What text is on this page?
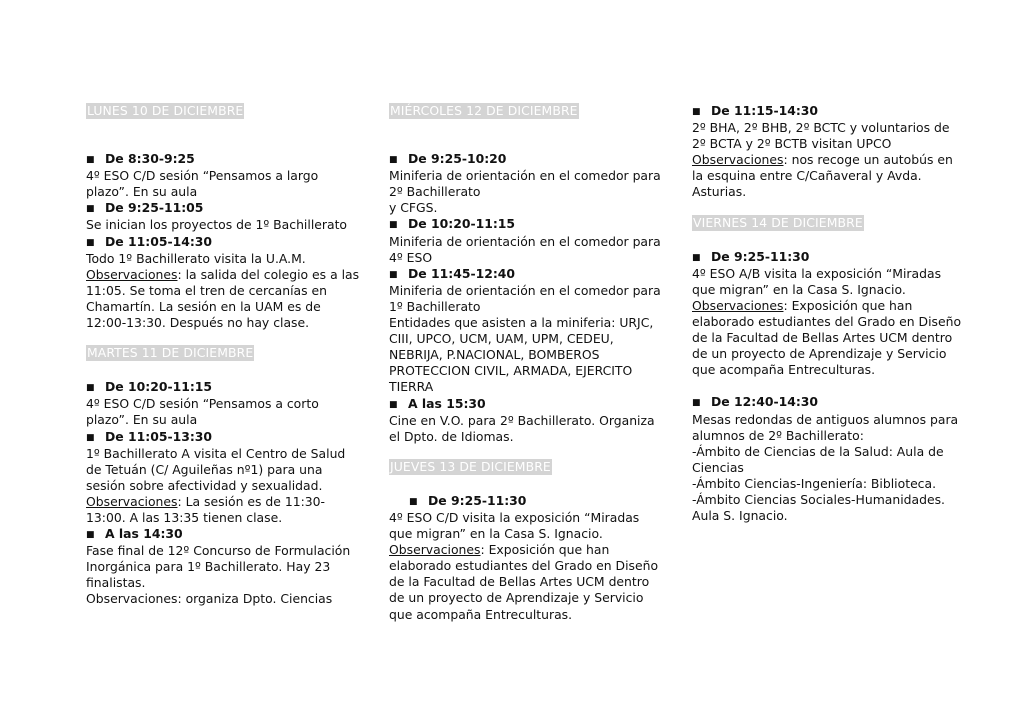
LUNES 10 DE DICIEMBRE
■ De 8:30-9:25

4º ESO C/D sesión “Pensamos a largo
plazo”. En su aula

■ De 9:25-11:05

Se inician los proyectos de 1º Bachillerato

■ De 11:05-14:30

Todo 1º Bachillerato visita la U.A.M.

Observaciones: la salida del colegio es a las
11:05. Se toma el tren de cercanías en
Chamartín. La sesión en la UAM es de
12:00-13:30. Después no hay clase.

MARTES 11 DE DICIEMBRE
■ De 10:20-11:15

4º ESO C/D sesión “Pensamos a corto
plazo”. En su aula

■ De 11:05-13:30

1º Bachillerato A visita el Centro de Salud
de Tetuán (C/ Aguileñas nº1) para una
sesión sobre afectividad y sexualidad.

Observaciones: La sesión es de 11:30-
13:00. A las 13:35 tienen clase.

■ A las 14:30

Fase final de 12º Concurso de Formulación
Inorgánica para 1º Bachillerato. Hay 23
finalistas.
Observaciones: organiza Dpto. Ciencias

MIÉRCOLES 12 DE DICIEMBRE
■ De 9:25-10:20

Miniferia de orientación en el comedor para
2º Bachillerato
y CFGS.

■ De 10:20-11:15

Miniferia de orientación en el comedor para
4º ESO

■ De 11:45-12:40

Miniferia de orientación en el comedor para
1º Bachillerato
Entidades que asisten a la miniferia: URJC,
CIII, UPCO, UCM, UAM, UPM, CEDEU,
NEBRIJA, P.NACIONAL, BOMBEROS
PROTECCION CIVIL, ARMADA, EJERCITO
TIERRA

■ A las 15:30

Cine en V.O. para 2º Bachillerato. Organiza
el Dpto. de Idiomas.

JUEVES 13 DE DICIEMBRE
■ De 9:25-11:30

4º ESO C/D visita la exposición “Miradas
que migran” en la Casa S. Ignacio.

Observaciones: Exposición que han
elaborado estudiantes del Grado en Diseño
de la Facultad de Bellas Artes UCM dentro
de un proyecto de Aprendizaje y Servicio
que acompaña Entreculturas.

■ De 11:15-14:30

2º BHA, 2º BHB, 2º BCTC y voluntarios de
2º BCTA y 2º BCTB visitan UPCO

Observaciones: nos recoge un autobús en
la esquina entre C/Cañaveral y Avda.
Asturias.

VIERNES 14 DE DICIEMBRE
■ De 9:25-11:30

4º ESO A/B visita la exposición “Miradas
que migran” en la Casa S. Ignacio.

Observaciones: Exposición que han
elaborado estudiantes del Grado en Diseño
de la Facultad de Bellas Artes UCM dentro
de un proyecto de Aprendizaje y Servicio
que acompaña Entreculturas.

■ De 12:40-14:30

Mesas redondas de antiguos alumnos para
alumnos de 2º Bachillerato:
-Ámbito de Ciencias de la Salud: Aula de
Ciencias
-Ámbito Ciencias-Ingeniería: Biblioteca.
-Ámbito Ciencias Sociales-Humanidades.
Aula S. Ignacio.
